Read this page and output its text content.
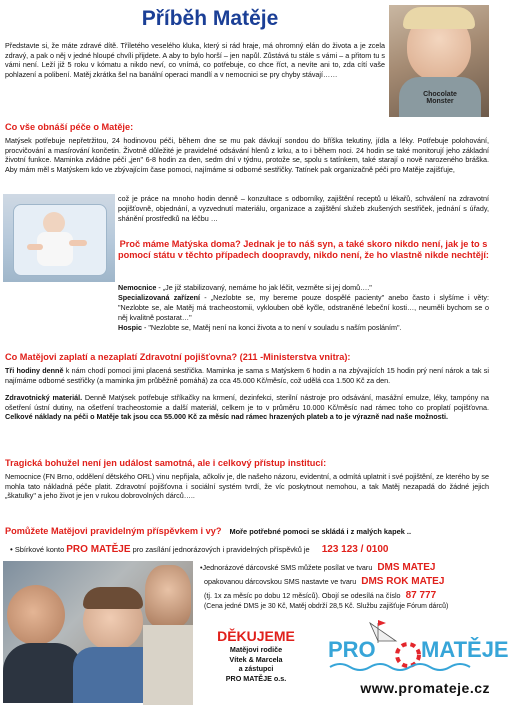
Příběh Matěje
Chocolate Monster
Představte si, že máte zdravé dítě. Tříletého veselého kluka, který si rád hraje, má ohromný elán do života a je zcela zdravý, a pak o něj v jedné hloupé chvíli přijdete. A aby to bylo horší – jen napůl. Zůstává tu stále s vámi – a přitom tu s vámi není. Leží již 5 roku v kómatu a nikdo neví, co vnímá, co potřebuje, co chce říct, a nevíte ani to, zda cítí vaše pohlazení a polibení. Matěj zkrátka šel na banální operaci mandlí a v nemocnici se pry chyby stávají……
Co vše obnáší péče o Matěje:
Matýsek potřebuje nepřetržitou, 24 hodinovou péči, během dne se mu pak dávkují sondou do bříška tekutiny, jídla a léky. Potřebuje polohování, procvičování a masírování končetin. Životně důležité je pravidelné odsávání hlenů z krku, a to i během noci. 24 hodin se také monitorují jeho základní životní funkce. Maminka zvládne péči „jen" 6-8 hodin za den, sedm dní v týdnu, protože se, spolu s tatínkem, také starají o nově narozeného bráška. Aby mám měl s Matýskem kdo ve zbývajícím čase pomoci, najímáme si odborné sestřičky. Tatínek pak organizačně péči pro Matěje zajišťuje,
což je práce na mnoho hodin denně – konzultace s odborníky, zajištění receptů u lékařů, schválení na zdravotní pojišťovně, objednání, a vyzvednutí materiálu, organizace a zajištění služeb zkušených sestřiček, jednání s úřady, shánění prostředků na léčbu …
Proč máme Matýska doma? Jednak je to náš syn, a také skoro nikdo není, jak je to s pomocí státu v těchto případech doopravdy, nikdo není, že ho vlastně nikde nechtějí:

Nemocnice - „Je již stabilizovaný, nemáme ho jak léčit, vezměte si jej domů…."

Specializovaná zařízení - „Nezlobte se, my bereme pouze dospělé pacienty" anebo často i slyšíme i věty: "Nezlobte se, ale Matěj má tracheostomii, vyklouben obě kyčle, odstraněné lebeční kosti…, neuměli bychom se o něj kvalitně postarat…"

Hospic - "Nezlobte se, Matěj není na konci života a to není v souladu s naším posláním".

Co Matějovi zaplatí a nezaplatí Zdravotní pojišťovna? (211 -Ministerstva vnitra):
Tři hodiny denně k nám chodí pomoci jimi placená sestřička. Maminka je sama s Matýskem 6 hodin a na zbývajících 15 hodin prý není nárok a tak si najímáme odborné sestřičky (a maminka jim průběžně pomáhá) za cca 45.000 Kč/měsíc, což udělá cca 1.500 Kč za den.
Zdravotnický materiál. Denně Matýsek potřebuje stříkačky na krmení, dezinfekci, sterilní nástroje pro odsávání, masážní emulze, léky, tampóny na ošetření ústní dutiny, na ošetření tracheostomie a další materiál, celkem je to v průměru 10.000 Kč/měsíc nad rámec toho co proplatí pojišťovna. Celkové náklady na péči o Matěje tak jsou cca 55.000 Kč za měsíc nad rámec hrazených plateb a to je výrazně nad naše možnosti.
Tragická bohužel není jen událost samotná, ale i celkový přístup institucí:
Nemocnice (FN Brno, oddělení dětského ORL) vinu nepřijala, ačkoliv je, dle našeho názoru, evidentní, a odmítá uplatnit i své pojištění, ze kterého by se mohla tato nákladná péče platit. Zdravotní pojišťovna i sociální systém tvrdí, že víc poskytnout nemohou, a tak Matěj nezapadá do žádné jejich „škatulky" a jeho život je jen v rukou dobrovolných dárců…..
Pomůžete Matějovi pravidelným příspěvkem i vy? Moře potřebné pomoci se skládá i z malých kapek ..
• Sbírkové konto PRO MATĚJE pro zasílání jednorázových i pravidelných příspěvků je 123 123 / 0100
•Jednorázové dárcovské SMS můžete posílat ve tvaru DMS MATEJ
opakovanou dárcovskou SMS nastavte ve tvaru DMS ROK MATEJ
(tj. 1x za měsíc po dobu 12 měsíců). Obojí se odesílá na číslo 87 777
(Cena jedné DMS je 30 Kč, Matěj obdrží 28,5 Kč. Službu zajišťuje Fórum dárců)
DĚKUJEME
Matějovi rodiče
Vítek & Marcela
a zástupci
PRO MATĚJE o.s.
PRO MATĚJE
www.promateje.cz
